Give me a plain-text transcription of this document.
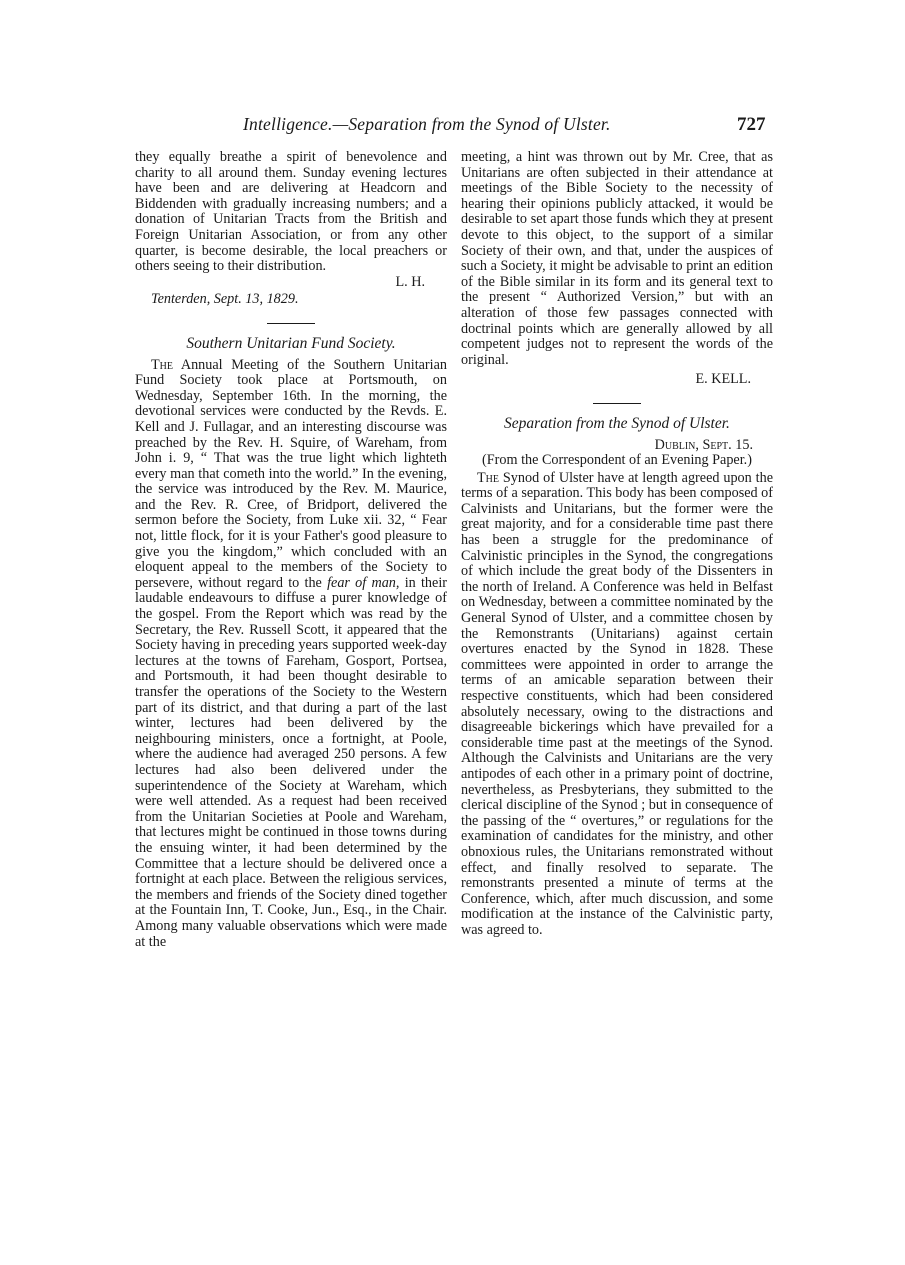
Intelligence.—Separation from the Synod of Ulster.	727

they equally breathe a spirit of benevolence and charity to all around them. Sunday evening lectures have been and are delivering at Headcorn and Biddenden with gradually increasing numbers; and a donation of Unitarian Tracts from the British and Foreign Unitarian Association, or from any other quarter, is become desirable, the local preachers or others seeing to their distribution.

L. H.

Tenterden, Sept. 13, 1829.

Southern Unitarian Fund Society.

The Annual Meeting of the Southern Unitarian Fund Society took place at Portsmouth, on Wednesday, September 16th. In the morning, the devotional services were conducted by the Revds. E. Kell and J. Fullagar, and an interesting discourse was preached by the Rev. H. Squire, of Wareham, from John i. 9, “ That was the true light which lighteth every man that cometh into the world.” In the evening, the service was introduced by the Rev. M. Maurice, and the Rev. R. Cree, of Bridport, delivered the sermon before the Society, from Luke xii. 32, “ Fear not, little flock, for it is your Father's good pleasure to give you the kingdom,” which concluded with an eloquent appeal to the members of the Society to persevere, without regard to the fear of man, in their laudable endeavours to diffuse a purer knowledge of the gospel. From the Report which was read by the Secretary, the Rev. Russell Scott, it appeared that the Society having in preceding years supported week-day lectures at the towns of Fareham, Gosport, Portsea, and Portsmouth, it had been thought desirable to transfer the operations of the Society to the Western part of its district, and that during a part of the last winter, lectures had been delivered by the neighbouring ministers, once a fortnight, at Poole, where the audience had averaged 250 persons. A few lectures had also been delivered under the superintendence of the Society at Wareham, which were well attended. As a request had been received from the Unitarian Societies at Poole and Wareham, that lectures might be continued in those towns during the ensuing winter, it had been determined by the Committee that a lecture should be delivered once a fortnight at each place. Between the religious services, the members and friends of the Society dined together at the Fountain Inn, T. Cooke, Jun., Esq., in the Chair. Among many valuable observations which were made at the

meeting, a hint was thrown out by Mr. Cree, that as Unitarians are often subjected in their attendance at meetings of the Bible Society to the necessity of hearing their opinions publicly attacked, it would be desirable to set apart those funds which they at present devote to this object, to the support of a similar Society of their own, and that, under the auspices of such a Society, it might be advisable to print an edition of the Bible similar in its form and its general text to the present “ Authorized Version,” but with an alteration of those few passages connected with doctrinal points which are generally allowed by all competent judges not to represent the words of the original.

E. KELL.

Separation from the Synod of Ulster.

Dublin, Sept. 15.

(From the Correspondent of an Evening Paper.)

The Synod of Ulster have at length agreed upon the terms of a separation. This body has been composed of Calvinists and Unitarians, but the former were the great majority, and for a considerable time past there has been a struggle for the predominance of Calvinistic principles in the Synod, the congregations of which include the great body of the Dissenters in the north of Ireland. A Conference was held in Belfast on Wednesday, between a committee nominated by the General Synod of Ulster, and a committee chosen by the Remonstrants (Unitarians) against certain overtures enacted by the Synod in 1828. These committees were appointed in order to arrange the terms of an amicable separation between their respective constituents, which had been considered absolutely necessary, owing to the distractions and disagreeable bickerings which have prevailed for a considerable time past at the meetings of the Synod. Although the Calvinists and Unitarians are the very antipodes of each other in a primary point of doctrine, nevertheless, as Presbyterians, they submitted to the clerical discipline of the Synod ; but in consequence of the passing of the “ overtures,” or regulations for the examination of candidates for the ministry, and other obnoxious rules, the Unitarians remonstrated without effect, and finally resolved to separate. The remonstrants presented a minute of terms at the Conference, which, after much discussion, and some modification at the instance of the Calvinistic party, was agreed to.
